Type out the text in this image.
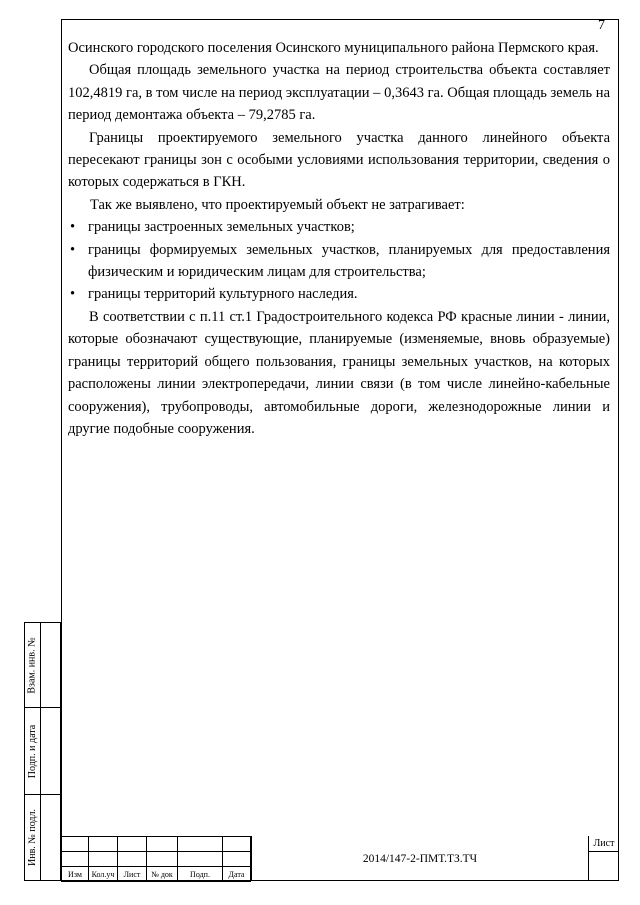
7

Осинского городского поселения Осинского муниципального района Пермского края.

Общая площадь земельного участка на период строительства объекта составляет 102,4819 га, в том числе на период эксплуатации – 0,3643 га. Общая площадь земель на период демонтажа объекта – 79,2785 га.

Границы проектируемого земельного участка данного линейного объекта пересекают границы зон с особыми условиями использования территории, сведения о которых содержаться в ГКН.

Так же выявлено, что проектируемый объект не затрагивает:

• границы застроенных земельных участков;
• границы формируемых земельных участков, планируемых для предоставления физическим и юридическим лицам для строительства;
• границы территорий культурного наследия.

В соответствии с п.11 ст.1 Градостроительного кодекса РФ красные линии - линии, которые обозначают существующие, планируемые (изменяемые, вновь образуемые) границы территорий общего пользования, границы земельных участков, на которых расположены линии электропередачи, линии связи (в том числе линейно-кабельные сооружения), трубопроводы, автомобильные дороги, железнодорожные линии и другие подобные сооружения.

Взам. инв. №
Подп. и дата
Инв. № подл.

Изм	Кол.уч	Лист	№ док	Подп.	Дата
2014/147-2-ПМТ.ТЗ.ТЧ
Лист
